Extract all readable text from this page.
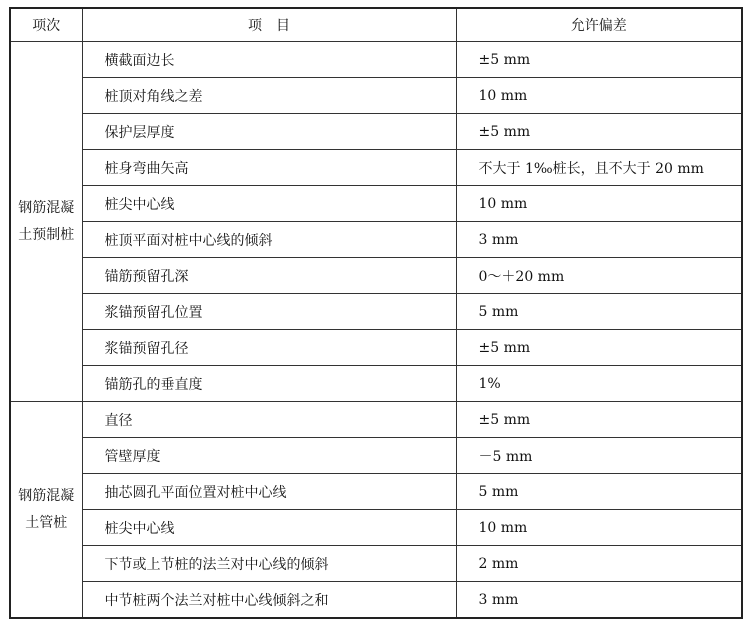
项次	项　目	允许偏差
钢筋混凝土预制桩	横截面边长	±5 mm
	桩顶对角线之差	10 mm
	保护层厚度	±5 mm
	桩身弯曲矢高	不大于 1‰桩长，且不大于 20 mm
	桩尖中心线	10 mm
	桩顶平面对桩中心线的倾斜	3 mm
	锚筋预留孔深	0～＋20 mm
	浆锚预留孔位置	5 mm
	浆锚预留孔径	±5 mm
	锚筋孔的垂直度	1%
钢筋混凝土管桩	直径	±5 mm
	管壁厚度	－5 mm
	抽芯圆孔平面位置对桩中心线	5 mm
	桩尖中心线	10 mm
	下节或上节桩的法兰对中心线的倾斜	2 mm
	中节桩两个法兰对桩中心线倾斜之和	3 mm
